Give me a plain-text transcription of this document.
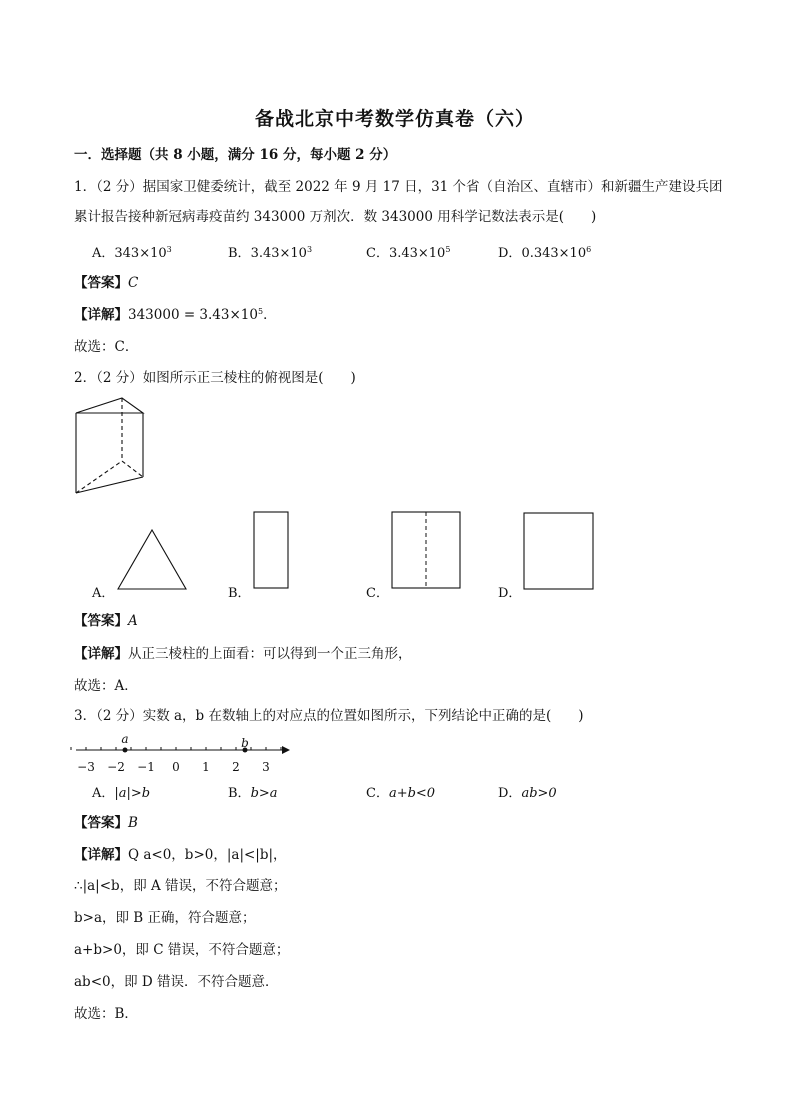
备战北京中考数学仿真卷（六）
一．选择题（共 8 小题，满分 16 分，每小题 2 分）
1．（2 分）据国家卫健委统计，截至 2022 年 9 月 17 日，31 个省（自治区、直辖市）和新疆生产建设兵团
累计报告接种新冠病毒疫苗约 343000 万剂次．数 343000 用科学记数法表示是(　　)
A．$343\times 10^3$	B．$3.43\times 10^3$	C．$3.43\times 10^5$	D．$0.343\times 10^6$
【答案】C
【详解】$343000 = 3.43\times 10^5$．
故选：C．
2．（2 分）如图所示正三棱柱的俯视图是(　　)
A．	B．	C．	D．
【答案】A
【详解】从正三棱柱的上面看：可以得到一个正三角形，
故选：A．
3．（2 分）实数 a，b 在数轴上的对应点的位置如图所示，下列结论中正确的是(　　)
−3 −2 −1 0 1 2 3
a	b
A．|a|>b	B．b>a	C．a+b<0	D．ab>0
【答案】B
【详解】Q a<0，b>0，|a|<|b|，
∴|a|<b，即 A 错误，不符合题意；
b>a，即 B 正确，符合题意；
a+b>0，即 C 错误，不符合题意；
ab<0，即 D 错误．不符合题意．
故选：B．
